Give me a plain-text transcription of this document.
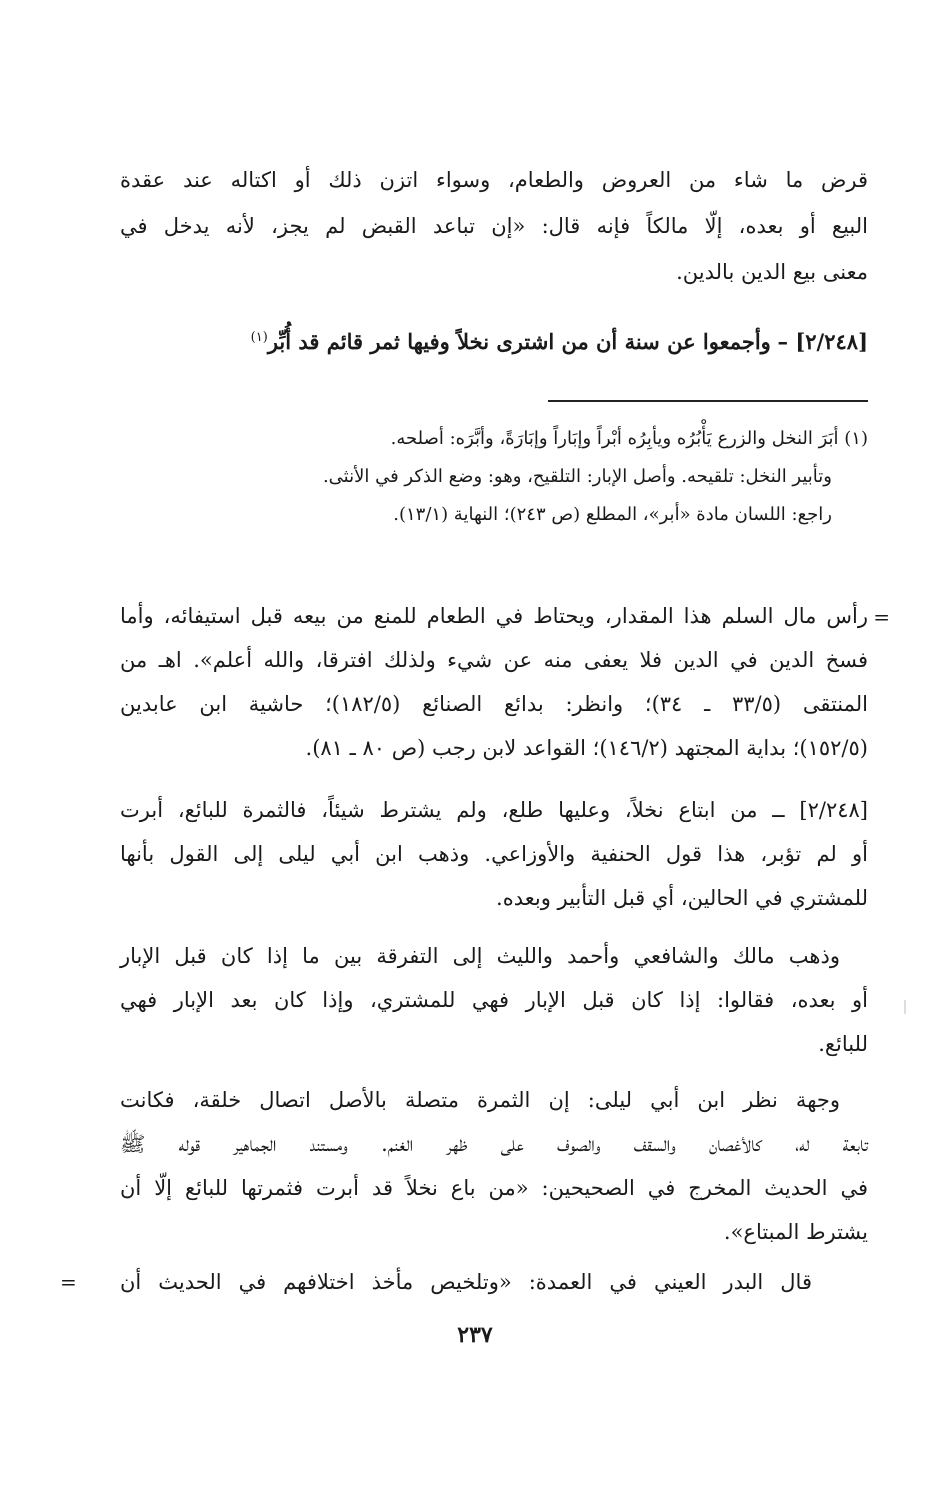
قرض ما شاء من العروض والطعام، وسواء اتزن ذلك أو اكتاله عند عقدة
البيع أو بعده، إلّا مالكاً فإنه قال: «إن تباعد القبض لم يجز، لأنه يدخل في
معنى بيع الدين بالدين.
[٢/٢٤٨] – وأجمعوا عن سنة أن من اشترى نخلاً وفيها ثمر قائم قد أُبِّر$^{(١)}$
(١) أبَرَ النخل والزرع يَأْبُرُه ويأبِرُه أبْراً وإبَاراً وإبَارَةً، وأبَّرَه: أصلحه.
وتأبير النخل: تلقيحه. وأصل الإبار: التلقيح، وهو: وضع الذكر في الأنثى.
راجع: اللسان مادة «أبر»، المطلع (ص ٢٤٣)؛ النهاية (١٣/١).
=
رأس مال السلم هذا المقدار، ويحتاط في الطعام للمنع من بيعه قبل استيفائه، وأما
فسخ الدين في الدين فلا يعفى منه عن شيء ولذلك افترقا، والله أعلم». اهـ من
المنتقى (٣٣/٥ ـ ٣٤)؛ وانظر: بدائع الصنائع (١٨٢/٥)؛ حاشية ابن عابدين
(١٥٢/٥)؛ بداية المجتهد (١٤٦/٢)؛ القواعد لابن رجب (ص ٨٠ ـ ٨١).
[٢/٢٤٨] ــ من ابتاع نخلاً، وعليها طلع، ولم يشترط شيئاً، فالثمرة للبائع، أبرت
أو لم تؤبر، هذا قول الحنفية والأوزاعي. وذهب ابن أبي ليلى إلى القول بأنها
للمشتري في الحالين، أي قبل التأبير وبعده.
وذهب مالك والشافعي وأحمد والليث إلى التفرقة بين ما إذا كان قبل الإبار
أو بعده، فقالوا: إذا كان قبل الإبار فهي للمشتري، وإذا كان بعد الإبار فهي
للبائع.
وجهة نظر ابن أبي ليلى: إن الثمرة متصلة بالأصل اتصال خلقة، فكانت
تابعة له، كالأغصان والسقف والصوف على ظهر الغنم. ومستند الجماهير قوله ﷺ
في الحديث المخرج في الصحيحين: «من باع نخلاً قد أبرت فثمرتها للبائع إلّا أن
يشترط المبتاع».
قال البدر العيني في العمدة: «وتلخيص مأخذ اختلافهم في الحديث أن
=
٢٣٧
